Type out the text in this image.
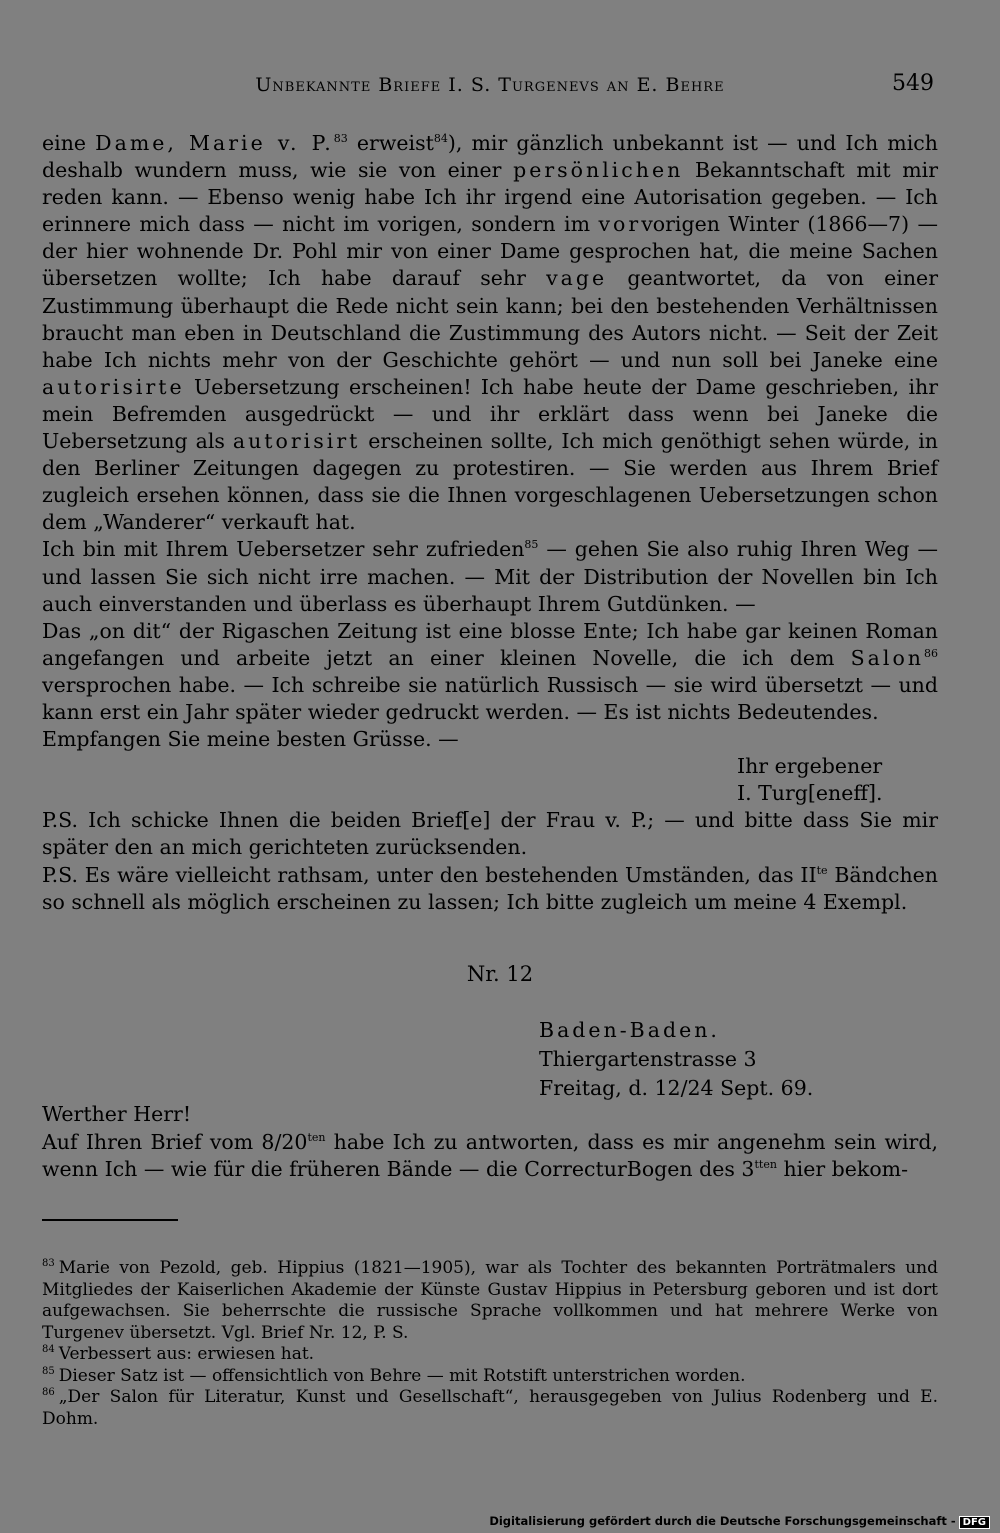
Unbekannte Briefe I. S. Turgenevs an E. Behre	549

eine Dame, Marie v. P.$^{83}$ erweist$^{84}$), mir gänzlich unbekannt ist — und Ich mich deshalb wundern muss, wie sie von einer persönlichen Bekanntschaft mit mir reden kann. — Ebenso wenig habe Ich ihr irgend eine Autorisation gegeben. — Ich erinnere mich dass — nicht im vorigen, sondern im vorvorigen Winter (1866—7) — der hier wohnende Dr. Pohl mir von einer Dame gesprochen hat, die meine Sachen übersetzen wollte; Ich habe darauf sehr vage geantwortet, da von einer Zustimmung überhaupt die Rede nicht sein kann; bei den bestehenden Verhältnissen braucht man eben in Deutschland die Zustimmung des Autors nicht. — Seit der Zeit habe Ich nichts mehr von der Geschichte gehört — und nun soll bei Janeke eine autorisirte Uebersetzung erscheinen! Ich habe heute der Dame geschrieben, ihr mein Befremden ausgedrückt — und ihr erklärt dass wenn bei Janeke die Uebersetzung als autorisirt erscheinen sollte, Ich mich genöthigt sehen würde, in den Berliner Zeitungen dagegen zu protestiren. — Sie werden aus Ihrem Brief zugleich ersehen können, dass sie die Ihnen vorgeschlagenen Uebersetzungen schon dem „Wanderer“ verkauft hat.

Ich bin mit Ihrem Uebersetzer sehr zufrieden$^{85}$ — gehen Sie also ruhig Ihren Weg — und lassen Sie sich nicht irre machen. — Mit der Distribution der Novellen bin Ich auch einverstanden und überlass es überhaupt Ihrem Gutdünken. —

Das „on dit“ der Rigaschen Zeitung ist eine blosse Ente; Ich habe gar keinen Roman angefangen und arbeite jetzt an einer kleinen Novelle, die ich dem Salon$^{86}$ versprochen habe. — Ich schreibe sie natürlich Russisch — sie wird übersetzt — und kann erst ein Jahr später wieder gedruckt werden. — Es ist nichts Bedeutendes.

Empfangen Sie meine besten Grüsse. —

Ihr ergebener

I. Turg[eneff].

P.S. Ich schicke Ihnen die beiden Brief[e] der Frau v. P.; — und bitte dass Sie mir später den an mich gerichteten zurücksenden.

P.S. Es wäre vielleicht rathsam, unter den bestehenden Umständen, das $II^{te}$ Bändchen so schnell als möglich erscheinen zu lassen; Ich bitte zugleich um meine 4 Exempl.

Nr. 12
Baden-Baden.
Thiergartenstrasse 3
Freitag, d. 12/24 Sept. 69.

Werther Herr!

Auf Ihren Brief vom $8/20^{ten}$ habe Ich zu antworten, dass es mir angenehm sein wird, wenn Ich — wie für die früheren Bände — die CorrecturBogen des $3^{tten}$ hier bekom-

$^{83}$ Marie von Pezold, geb. Hippius (1821—1905), war als Tochter des bekannten Porträtmalers und Mitgliedes der Kaiserlichen Akademie der Künste Gustav Hippius in Petersburg geboren und ist dort aufgewachsen. Sie beherrschte die russische Sprache vollkommen und hat mehrere Werke von Turgenev übersetzt. Vgl. Brief Nr. 12, P. S.

$^{84}$ Verbessert aus: erwiesen hat.

$^{85}$ Dieser Satz ist — offensichtlich von Behre — mit Rotstift unterstrichen worden.

$^{86}$ „Der Salon für Literatur, Kunst und Gesellschaft“, herausgegeben von Julius Rodenberg und E. Dohm.

Digitalisierung gefördert durch die Deutsche Forschungsgemeinschaft - DFG
